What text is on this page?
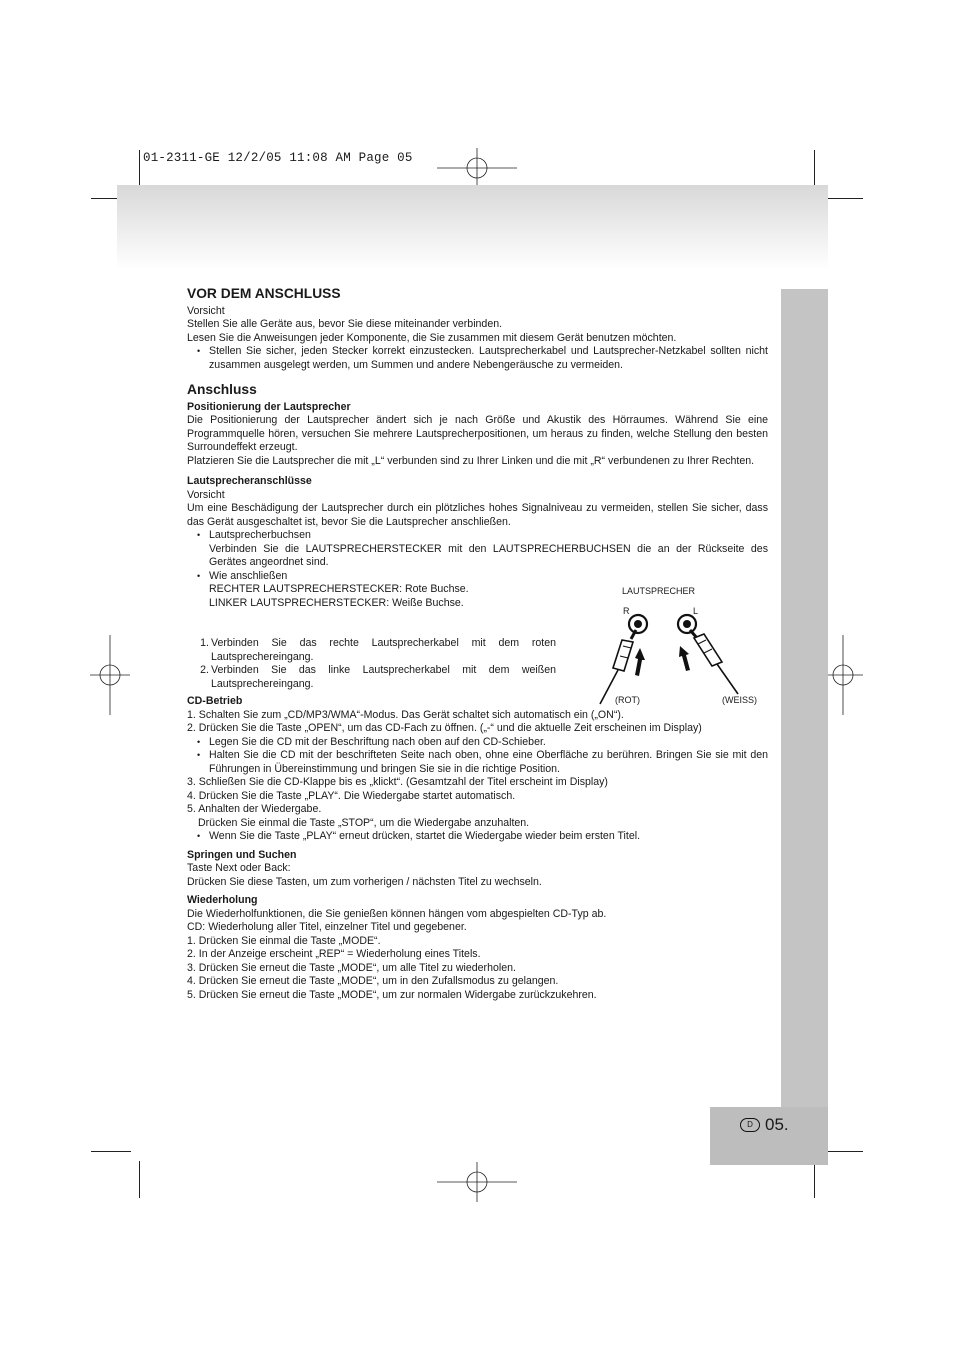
01-2311-GE 12/2/05 11:08 AM Page 05
D 05.
VOR DEM ANSCHLUSS

Vorsicht

Stellen Sie alle Geräte aus, bevor Sie diese miteinander verbinden.

Lesen Sie die Anweisungen jeder Komponente, die Sie zusammen mit diesem Gerät benutzen möchten.

• Stellen Sie sicher, jeden Stecker korrekt einzustecken. Lautsprecherkabel und Lautsprecher-Netzkabel sollten nicht zusammen ausgelegt werden, um Summen und andere Nebengeräusche zu vermeiden.

Anschluss
Positionierung der Lautsprecher

Die Positionierung der Lautsprecher ändert sich je nach Größe und Akustik des Hörraumes. Während Sie eine Programmquelle hören, versuchen Sie mehrere Lautsprecherpositionen, um heraus zu finden, welche Stellung den besten Surroundeffekt erzeugt.

Platzieren Sie die Lautsprecher die mit „L“ verbunden sind zu Ihrer Linken und die mit „R“ verbundenen zu Ihrer Rechten.

Lautsprecheranschlüsse

Vorsicht

Um eine Beschädigung der Lautsprecher durch ein plötzliches hohes Signalniveau zu vermeiden, stellen Sie sicher, dass das Gerät ausgeschaltet ist, bevor Sie die Lautsprecher anschließen.

• Lautsprecherbuchsen

Verbinden Sie die LAUTSPRECHERSTECKER mit den LAUTSPRECHERBUCHSEN die an der Rückseite des Gerätes angeordnet sind.

• Wie anschließen

RECHTER LAUTSPRECHERSTECKER: Rote Buchse.

LINKER LAUTSPRECHERSTECKER: Weiße Buchse.

1. Verbinden Sie das rechte Lautsprecherkabel mit dem roten Lautsprechereingang.
2. Verbinden Sie das linke Lautsprecherkabel mit dem weißen Lautsprechereingang.
CD-Betrieb

1. Schalten Sie zum „CD/MP3/WMA“-Modus. Das Gerät schaltet sich automatisch ein („ON“).

2. Drücken Sie die Taste „OPEN“, um das CD-Fach zu öffnen. („-“ und die aktuelle Zeit erscheinen im Display)

• Legen Sie die CD mit der Beschriftung nach oben auf den CD-Schieber.

• Halten Sie die CD mit der beschrifteten Seite nach oben, ohne eine Oberfläche zu berühren. Bringen Sie sie mit den Führungen in Übereinstimmung und bringen Sie sie in die richtige Position.

3. Schließen Sie die CD-Klappe bis es „klickt“. (Gesamtzahl der Titel erscheint im Display)

4. Drücken Sie die Taste „PLAY“. Die Wiedergabe startet automatisch.

5. Anhalten der Wiedergabe.

Drücken Sie einmal die Taste „STOP“, um die Wiedergabe anzuhalten.

• Wenn Sie die Taste „PLAY“ erneut drücken, startet die Wiedergabe wieder beim ersten Titel.

Springen und Suchen

Taste Next oder Back:

Drücken Sie diese Tasten, um zum vorherigen / nächsten Titel zu wechseln.

Wiederholung

Die Wiederholfunktionen, die Sie genießen können hängen vom abgespielten CD-Typ ab.

CD: Wiederholung aller Titel, einzelner Titel und gegebener.

1. Drücken Sie einmal die Taste „MODE“.

2. In der Anzeige erscheint „REP“ = Wiederholung eines Titels.

3. Drücken Sie erneut die Taste „MODE“, um alle Titel zu wiederholen.

4. Drücken Sie erneut die Taste „MODE“, um in den Zufallsmodus zu gelangen.

5. Drücken Sie erneut die Taste „MODE“, um zur normalen Widergabe zurückzukehren.

LAUTSPRECHER
R	L
(ROT)	(WEISS)
